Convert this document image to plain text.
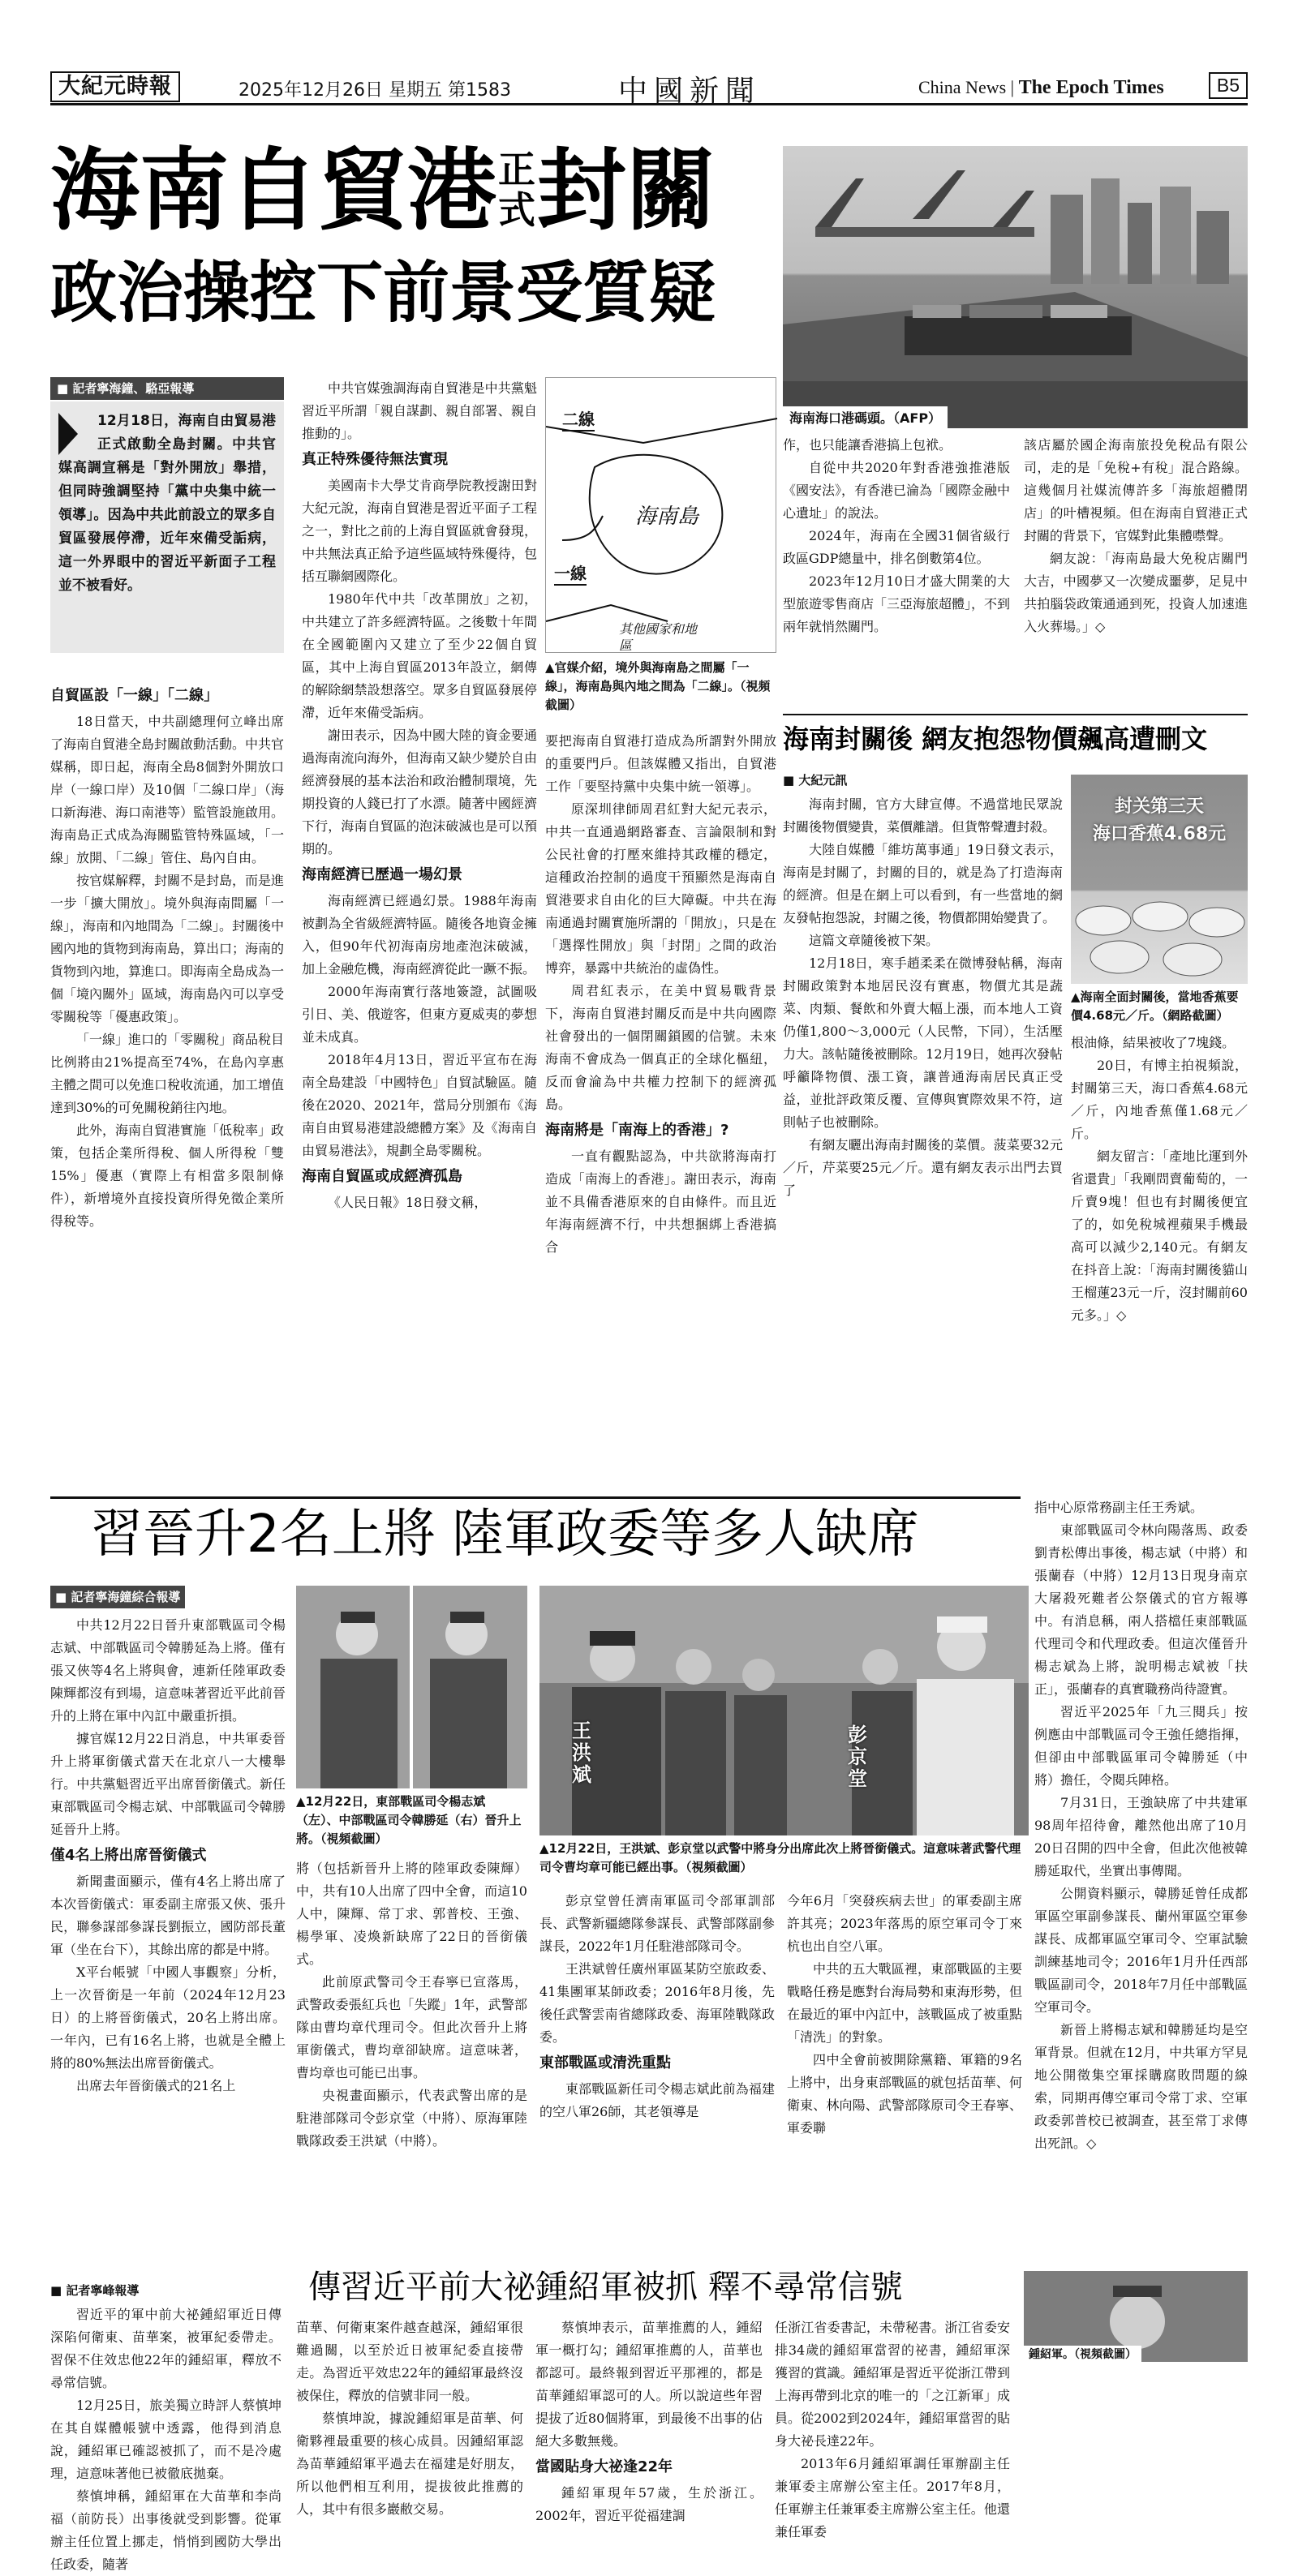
大紀元時報	2025年12月26日 星期五 第1583	中國新聞	China News | The Epoch Times	B5
海南自貿港 正
式 封關
政治操控下前景受質疑
海南海口港碼頭。（AFP）
■ 記者寧海鐘、駱亞報導
12月18日，海南自由貿易港正式啟動全島封關。中共官媒高調宣稱是「對外開放」舉措，但同時強調堅持「黨中央集中統一領導」。因為中共此前設立的眾多自貿區發展停滯，近年來備受詬病，這一外界眼中的習近平新面子工程並不被看好。
自貿區設「一線」「二線」

18日當天，中共副總理何立峰出席了海南自貿港全島封關啟動活動。中共官媒稱，即日起，海南全島8個對外開放口岸（一線口岸）及10個「二線口岸」（海口新海港、海口南港等）監管設施啟用。海南島正式成為海關監管特殊區域，「一線」放開、「二線」管住、島內自由。

按官媒解釋，封關不是封島，而是進一步「擴大開放」。境外與海南間屬「一線」，海南和內地間為「二線」。封關後中國內地的貨物到海南島，算出口；海南的貨物到內地，算進口。即海南全島成為一個「境內關外」區域，海南島內可以享受零關稅等「優惠政策」。

「一線」進口的「零關稅」商品稅目比例將由21%提高至74%，在島內享惠主體之間可以免進口稅收流通，加工增值達到30%的可免關稅銷往內地。

此外，海南自貿港實施「低稅率」政策，包括企業所得稅、個人所得稅「雙15%」優惠（實際上有相當多限制條件），新增境外直接投資所得免徵企業所得稅等。

中共官媒強調海南自貿港是中共黨魁習近平所謂「親自謀劃、親自部署、親自推動的」。

真正特殊優待無法實現

美國南卡大學艾肯商學院教授謝田對大紀元說，海南自貿港是習近平面子工程之一，對比之前的上海自貿區就會發現，中共無法真正給予這些區域特殊優待，包括互聯網國際化。

1980年代中共「改革開放」之初，中共建立了許多經濟特區。之後數十年間在全國範圍內又建立了至少22個自貿區，其中上海自貿區2013年設立，網傳的解除網禁設想落空。眾多自貿區發展停滯，近年來備受詬病。

謝田表示，因為中國大陸的資金要通過海南流向海外，但海南又缺少變於自由經濟發展的基本法治和政治體制環境，先期投資的人錢已打了水漂。隨著中國經濟下行，海南自貿區的泡沫破滅也是可以預期的。

海南經濟已歷過一場幻景

海南經濟已經過幻景。1988年海南被劃為全省級經濟特區。隨後各地資金擁入，但90年代初海南房地產泡沫破滅，加上金融危機，海南經濟從此一蹶不振。

2000年海南實行落地簽證，試圖吸引日、美、俄遊客，但東方夏威夷的夢想並未成真。

2018年4月13日，習近平宣布在海南全島建設「中國特色」自貿試驗區。隨後在2020、2021年，當局分別頒布《海南自由貿易港建設總體方案》及《海南自由貿易港法》，規劃全島零關稅。

海南自貿區或成經濟孤島

《人民日報》18日發文稱，

二線
海南島
一線
其他國家和地區
▲官媒介紹，境外與海南島之間屬「一線」，海南島與內地之間為「二線」。（視頻截圖）

要把海南自貿港打造成為所謂對外開放的重要門戶。但該媒體又指出，自貿港工作「要堅持黨中央集中統一領導」。

原深圳律師周君紅對大紀元表示，中共一直通過網路審查、言論限制和對公民社會的打壓來維持其政權的穩定，這種政治控制的過度干預顯然是海南自貿港要求自由化的巨大障礙。中共在海南通過封關實施所謂的「開放」，只是在「選擇性開放」與「封閉」之間的政治博弈，暴露中共統治的虛偽性。

周君紅表示，在美中貿易戰背景下，海南自貿港封關反而是中共向國際社會發出的一個閉關鎖國的信號。未來海南不會成為一個真正的全球化樞紐，反而會淪為中共權力控制下的經濟孤島。

海南將是「南海上的香港」?

一直有觀點認為，中共欲將海南打造成「南海上的香港」。謝田表示，海南並不具備香港原來的自由條件。而且近年海南經濟不行，中共想捆綁上香港搞合

作，也只能讓香港搞上包袱。

自從中共2020年對香港強推港版《國安法》，有香港已淪為「國際金融中心遺址」的說法。

2024年，海南在全國31個省級行政區GDP總量中，排名倒數第4位。

2023年12月10日才盛大開業的大型旅遊零售商店「三亞海旅超體」，不到兩年就悄然關門。

該店屬於國企海南旅投免稅品有限公司，走的是「免稅+有稅」混合路線。這幾個月社媒流傳許多「海旅超體閉店」的叶槽視頻。但在海南自貿港正式封關的背景下，官媒對此集體噤聲。

網友說：「海南島最大免稅店關門大吉，中國夢又一次變成噩夢，足見中共拍腦袋政策通通到死，投資人加速進入火葬場。」◇

海南封關後 網友抱怨物價飆高遭刪文
■ 大紀元訊

海南封關，官方大肆宣傳。不過當地民眾說封關後物價變貴，菜價離譜。但貨幣聲遭封殺。

大陸自媒體「維坊萬事通」19日發文表示，海南是封關了，封關的目的，就是為了打造海南的經濟。但是在網上可以看到，有一些當地的網友發帖抱怨說，封關之後，物價都開始變貴了。

這篇文章隨後被下架。

12月18日，寒手趙柔柔在微博發帖稱，海南封關政策對本地居民沒有實惠，物價尤其是蔬菜、肉類、餐飲和外賣大幅上漲，而本地人工資仍僅1,800～3,000元（人民幣，下同），生活壓力大。該帖隨後被刪除。12月19日，她再次發帖呼籲降物價、漲工資，讓普通海南居民真正受益，並批評政策反覆、宣傳與實際效果不符，這則帖子也被刪除。

有網友曬出海南封關後的菜價。菠菜要32元／斤，芹菜要25元／斤。還有網友表示出門去買了

封关第三天
海口香蕉4.68元
▲海南全面封關後，當地香蕉要價4.68元／斤。（網路截圖）

根油條，結果被收了7塊錢。

20日，有博主拍視頻說，封關第三天，海口香蕉4.68元／斤，內地香蕉僅1.68元／斤。

網友留言：「產地比運到外省還貴」「我剛問賣葡萄的，一斤賣9塊！但也有封關後便宜了的，如免稅城裡蘋果手機最高可以減少2,140元。有網友在抖音上說：「海南封關後貓山王榴蓮23元一斤，沒封關前60元多。」◇

習晉升2名上將 陸軍政委等多人缺席
■ 記者寧海鐘綜合報導

中共12月22日晉升東部戰區司令楊志斌、中部戰區司令韓勝延為上將。僅有張又俠等4名上將與會，連新任陸軍政委陳輝都沒有到場，這意味著習近平此前晉升的上將在軍中內訌中嚴重折損。

據官媒12月22日消息，中共軍委晉升上將軍銜儀式當天在北京八一大樓舉行。中共黨魁習近平出席晉銜儀式。新任東部戰區司令楊志斌、中部戰區司令韓勝延晉升上將。

僅4名上將出席晉銜儀式

新聞畫面顯示，僅有4名上將出席了本次晉銜儀式：軍委副主席張又俠、張升民，聯參謀部參謀長劉振立，國防部長董軍（坐在台下），其餘出席的都是中將。

X平台帳號「中國人事觀察」分析，上一次晉銜是一年前（2024年12月23日）的上將晉銜儀式，20名上將出席。一年內，已有16名上將，也就是全體上將的80%無法出席晉銜儀式。

出席去年晉銜儀式的21名上

▲12月22日，東部戰區司令楊志斌（左）、中部戰區司令韓勝延（右）晉升上將。（視頻截圖）

將（包括新晉升上將的陸軍政委陳輝）中，共有10人出席了四中全會，而這10人中，陳輝、常丁求、郭普校、王強、楊學軍、凌煥新缺席了22日的晉銜儀式。

此前原武警司令王春寧已宣落馬，武警政委張紅兵也「失蹤」1年，武警部隊由曹均章代理司令。但此次晉升上將軍銜儀式，曹均章卻缺席。這意味著，曹均章也可能已出事。

央視畫面顯示，代表武警出席的是駐港部隊司令彭京堂（中將）、原海軍陸戰隊政委王洪斌（中將）。

王洪斌
彭京堂
▲12月22日，王洪斌、彭京堂以武警中將身分出席此次上將晉銜儀式。這意味著武警代理司令曹均章可能已經出事。（視頻截圖）

彭京堂曾任濟南軍區司令部軍訓部長、武警新疆總隊參謀長、武警部隊副參謀長，2022年1月任駐港部隊司令。

王洪斌曾任廣州軍區某防空旅政委、41集團軍某師政委；2016年8月後，先後任武警雲南省總隊政委、海軍陸戰隊政委。

東部戰區或清洗重點

東部戰區新任司令楊志斌此前為福建的空八軍26師，其老領導是

今年6月「突發疾病去世」的軍委副主席許其亮；2023年落馬的原空軍司令丁來杭也出自空八軍。

中共的五大戰區裡，東部戰區的主要戰略任務是應對台海局勢和東海形勢，但在最近的軍中內訌中，該戰區成了被重點「清洗」的對象。

四中全會前被開除黨籍、軍籍的9名上將中，出身東部戰區的就包括苗華、何衛東、林向陽、武警部隊原司令王春寧、軍委聯

指中心原常務副主任王秀斌。

東部戰區司令林向陽落馬、政委劉青松傳出事後，楊志斌（中將）和張蘭春（中將）12月13日現身南京大屠殺死難者公祭儀式的官方報導中。有消息稱，兩人搭檔任東部戰區代理司令和代理政委。但這次僅晉升楊志斌為上將，說明楊志斌被「扶正」，張蘭春的真實職務尚待證實。

習近平2025年「九三閱兵」按例應由中部戰區司令王強任總指揮，但卻由中部戰區軍司令韓勝延（中將）擔任，令閱兵陣格。

7月31日，王強缺席了中共建軍98周年招待會，離然他出席了10月20日召開的四中全會，但此次他被韓勝延取代，坐實出事傳聞。

公開資料顯示，韓勝延曾任成都軍區空軍副參謀長、蘭州軍區空軍參謀長、成都軍區空軍司令、空軍試驗訓練基地司令；2016年1月升任西部戰區副司令，2018年7月任中部戰區空軍司令。

新晉上將楊志斌和韓勝延均是空軍背景。但就在12月，中共軍方罕見地公開徵集空軍採購腐敗問題的線索，同期再傳空軍司令常丁求、空軍政委郭普校已被調查，甚至常丁求傳出死訊。◇

■ 記者寧峰報導	傳習近平前大祕鍾紹軍被抓 釋不尋常信號

習近平的軍中前大祕鍾紹軍近日傳深陷何衛東、苗華案，被軍紀委帶走。習保不住效忠他22年的鍾紹軍，釋放不尋常信號。

12月25日，旅美獨立時評人蔡慎坤在其自媒體帳號中透露，他得到消息說，鍾紹軍已確認被抓了，而不是冷處理，這意味著他已被徹底拋棄。

蔡慎坤稱，鍾紹軍在大苗華和李尚福（前防長）出事後就受到影響。從軍辦主任位置上挪走，悄悄到國防大學出任政委，隨著

苗華、何衛東案件越查越深，鍾紹軍很難過關，以至於近日被軍紀委直接帶走。為習近平效忠22年的鍾紹軍最終沒被保住，釋放的信號非同一般。

蔡慎坤說，據說鍾紹軍是苗華、何衛夥裡最重要的核心成員。因鍾紹軍認為苗華鍾紹軍平過去在福建是好朋友，所以他們相互利用，提拔彼此推薦的人，其中有很多巖敝交易。

蔡慎坤表示，苗華推薦的人，鍾紹軍一概打勾；鍾紹軍推薦的人，苗華也都認可。最終報到習近平那裡的，都是苗華鍾紹軍認可的人。所以說這些年習提拔了近80個將軍，到最後不出事的佔絕大多數無幾。

當國貼身大祕逢22年

鍾紹軍現年57歲，生於浙江。2002年，習近平從福建調

任浙江省委書記，未帶秘書。浙江省委安排34歲的鍾紹軍當習的祕書，鍾紹軍深獲習的賞識。鍾紹軍是習近平從浙江帶到上海再帶到北京的唯一的「之江新軍」成員。從2002到2024年，鍾紹軍當習的貼身大祕長達22年。

2013年6月鍾紹軍調任軍辦副主任兼軍委主席辦公室主任。2017年8月，任軍辦主任兼軍委主席辦公室主任。他還兼任軍委

鍾紹軍。（視頻截圖）
